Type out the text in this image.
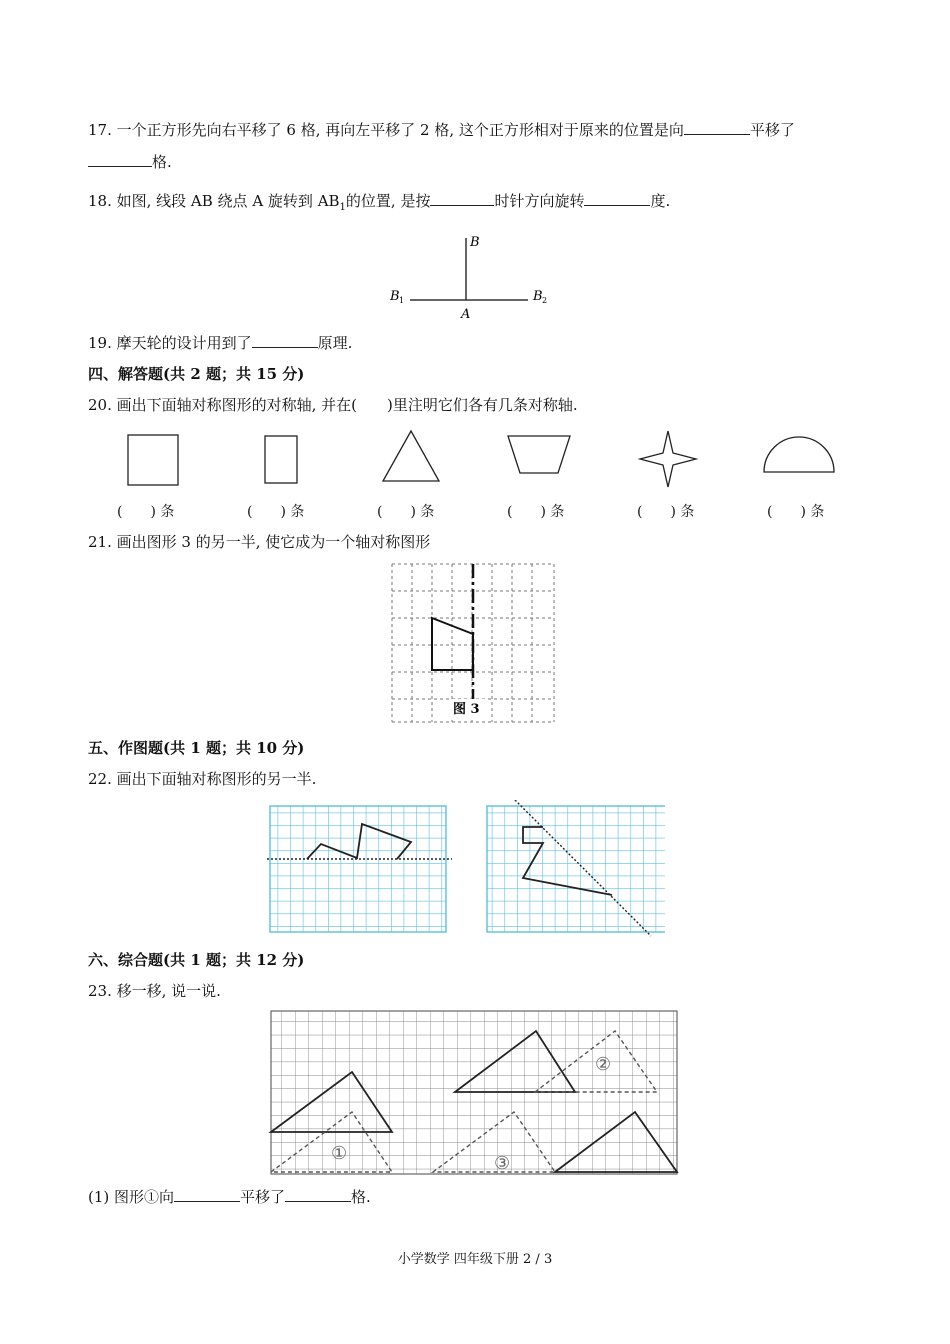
17. 一个正方形先向右平移了 6 格, 再向左平移了 2 格, 这个正方形相对于原来的位置是向	平移了
格.
18. 如图, 线段 AB 绕点 A 旋转到 $AB_1$的位置, 是按	时针方向旋转	度.
B
B 1	B 2
A
19. 摩天轮的设计用到了	原理.
四、解答题(共 2 题；共 15 分)
20. 画出下面轴对称图形的对称轴, 并在(　　)里注明它们各有几条对称轴.
(　　) 条	(　　) 条	(　　) 条	(　　) 条	(　　) 条	(　　) 条
21. 画出图形 3 的另一半, 使它成为一个轴对称图形
图 3
五、作图题(共 1 题；共 10 分)
22. 画出下面轴对称图形的另一半.
六、综合题(共 1 题；共 12 分)
23. 移一移, 说一说.
①
②
③
(1) 图形①向	平移了	格.
小学数学 四年级下册 2 / 3
